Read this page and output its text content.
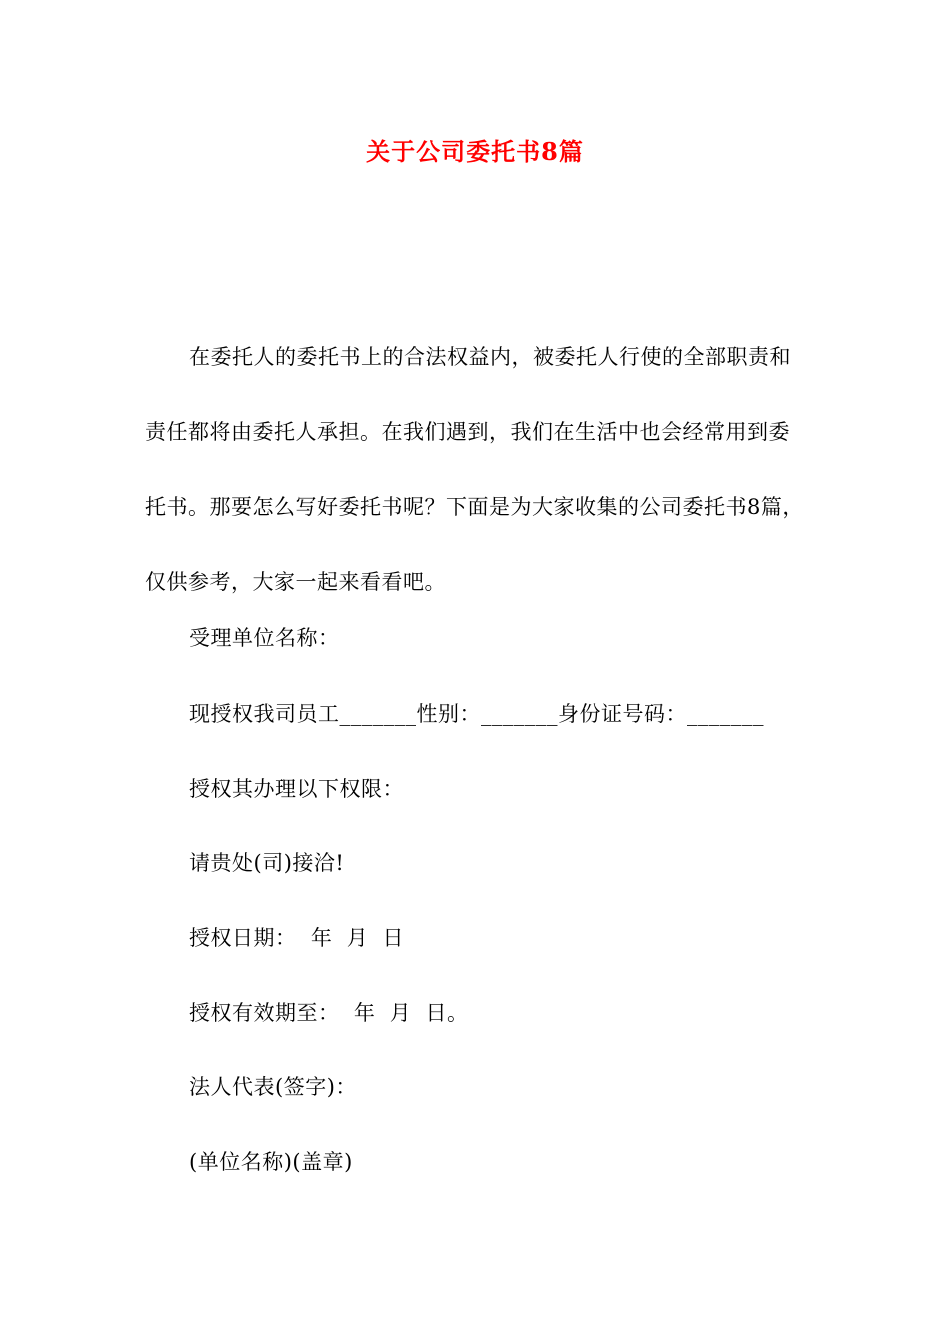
关于公司委托书8篇

在委托人的委托书上的合法权益内，被委托人行使的全部职责和责任都将由委托人承担。在我们遇到，我们在生活中也会经常用到委托书。那要怎么写好委托书呢？下面是为大家收集的公司委托书8篇，仅供参考，大家一起来看看吧。

受理单位名称：
现授权我司员工_______性别：_______身份证号码：_______
授权其办理以下权限：
请贵处(司)接洽!
授权日期：  年  月  日
授权有效期至：  年  月  日。
法人代表(签字)：
(单位名称)(盖章)
